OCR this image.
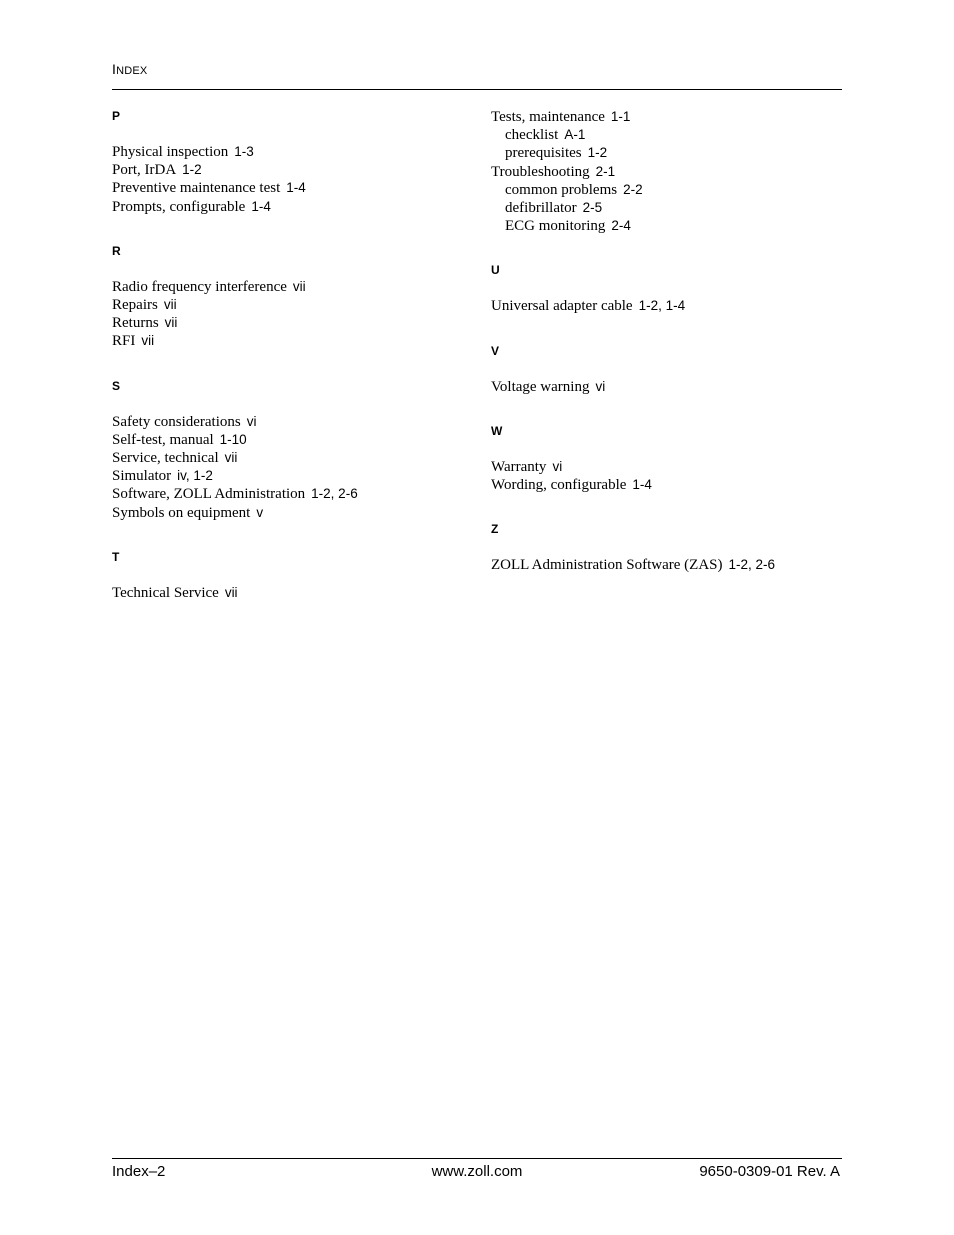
INDEX
P
Physical inspection 1-3
Port, IrDA 1-2
Preventive maintenance test 1-4
Prompts, configurable 1-4
R
Radio frequency interference vii
Repairs vii
Returns vii
RFI vii
S
Safety considerations vi
Self-test, manual 1-10
Service, technical vii
Simulator iv, 1-2
Software, ZOLL Administration 1-2, 2-6
Symbols on equipment v
T
Technical Service vii
Tests, maintenance 1-1
checklist A-1
prerequisites 1-2
Troubleshooting 2-1
common problems 2-2
defibrillator 2-5
ECG monitoring 2-4
U
Universal adapter cable 1-2, 1-4
V
Voltage warning vi
W
Warranty vi
Wording, configurable 1-4
Z
ZOLL Administration Software (ZAS) 1-2, 2-6
Index–2	www.zoll.com	9650-0309-01 Rev. A
